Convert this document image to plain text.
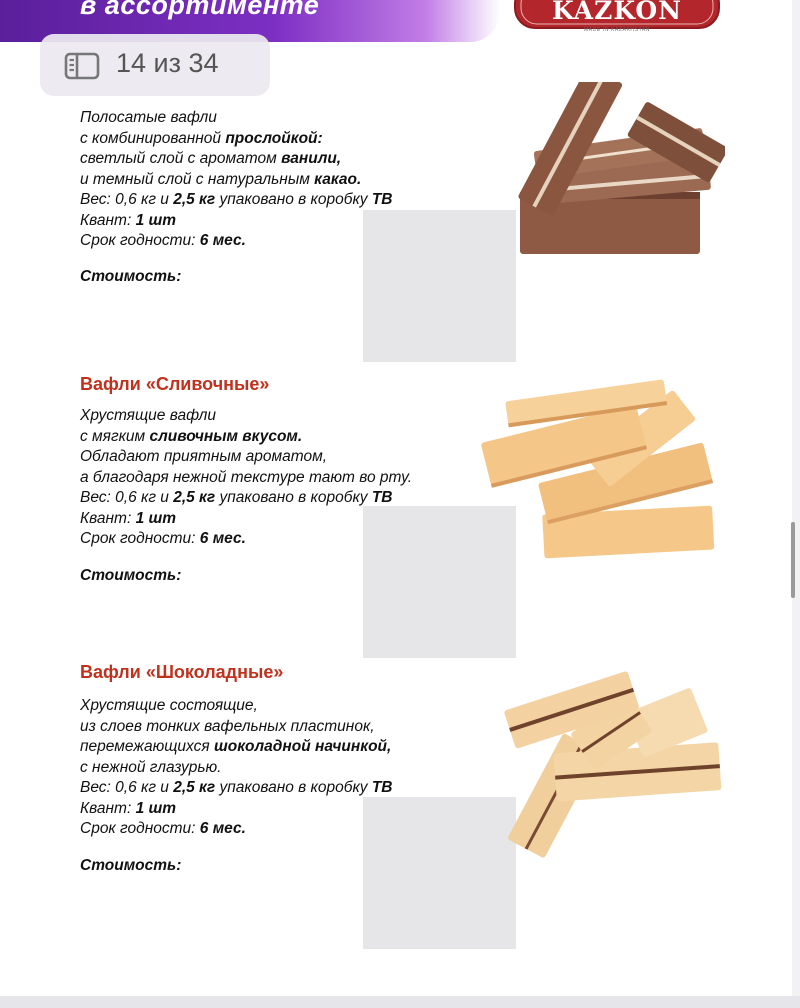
в ассортименте	KAZKON
MADE IN KAZAKHSTAN

Полосатые вафли

с комбинированной прослойкой:

светлый слой с ароматом ванили,

и темный слой с натуральным какао.

Вес: 0,6 кг и 2,5 кг упаковано в коробку ТВ

Квант: 1 шт

Срок годности: 6 мес.

Стоимость:
Вафли «Сливочные»

Хрустящие вафли

с мягким сливочным вкусом.

Обладают приятным ароматом,

а благодаря нежной текстуре тают во рту.

Вес: 0,6 кг и 2,5 кг упаковано в коробку ТВ

Квант: 1 шт

Срок годности: 6 мес.

Стоимость:
Вафли «Шоколадные»

Хрустящие состоящие,

из слоев тонких вафельных пластинок,

перемежающихся шоколадной начинкой,

с нежной глазурью.

Вес: 0,6 кг и 2,5 кг упаковано в коробку ТВ

Квант: 1 шт

Срок годности: 6 мес.

Стоимость:
14 из 34
